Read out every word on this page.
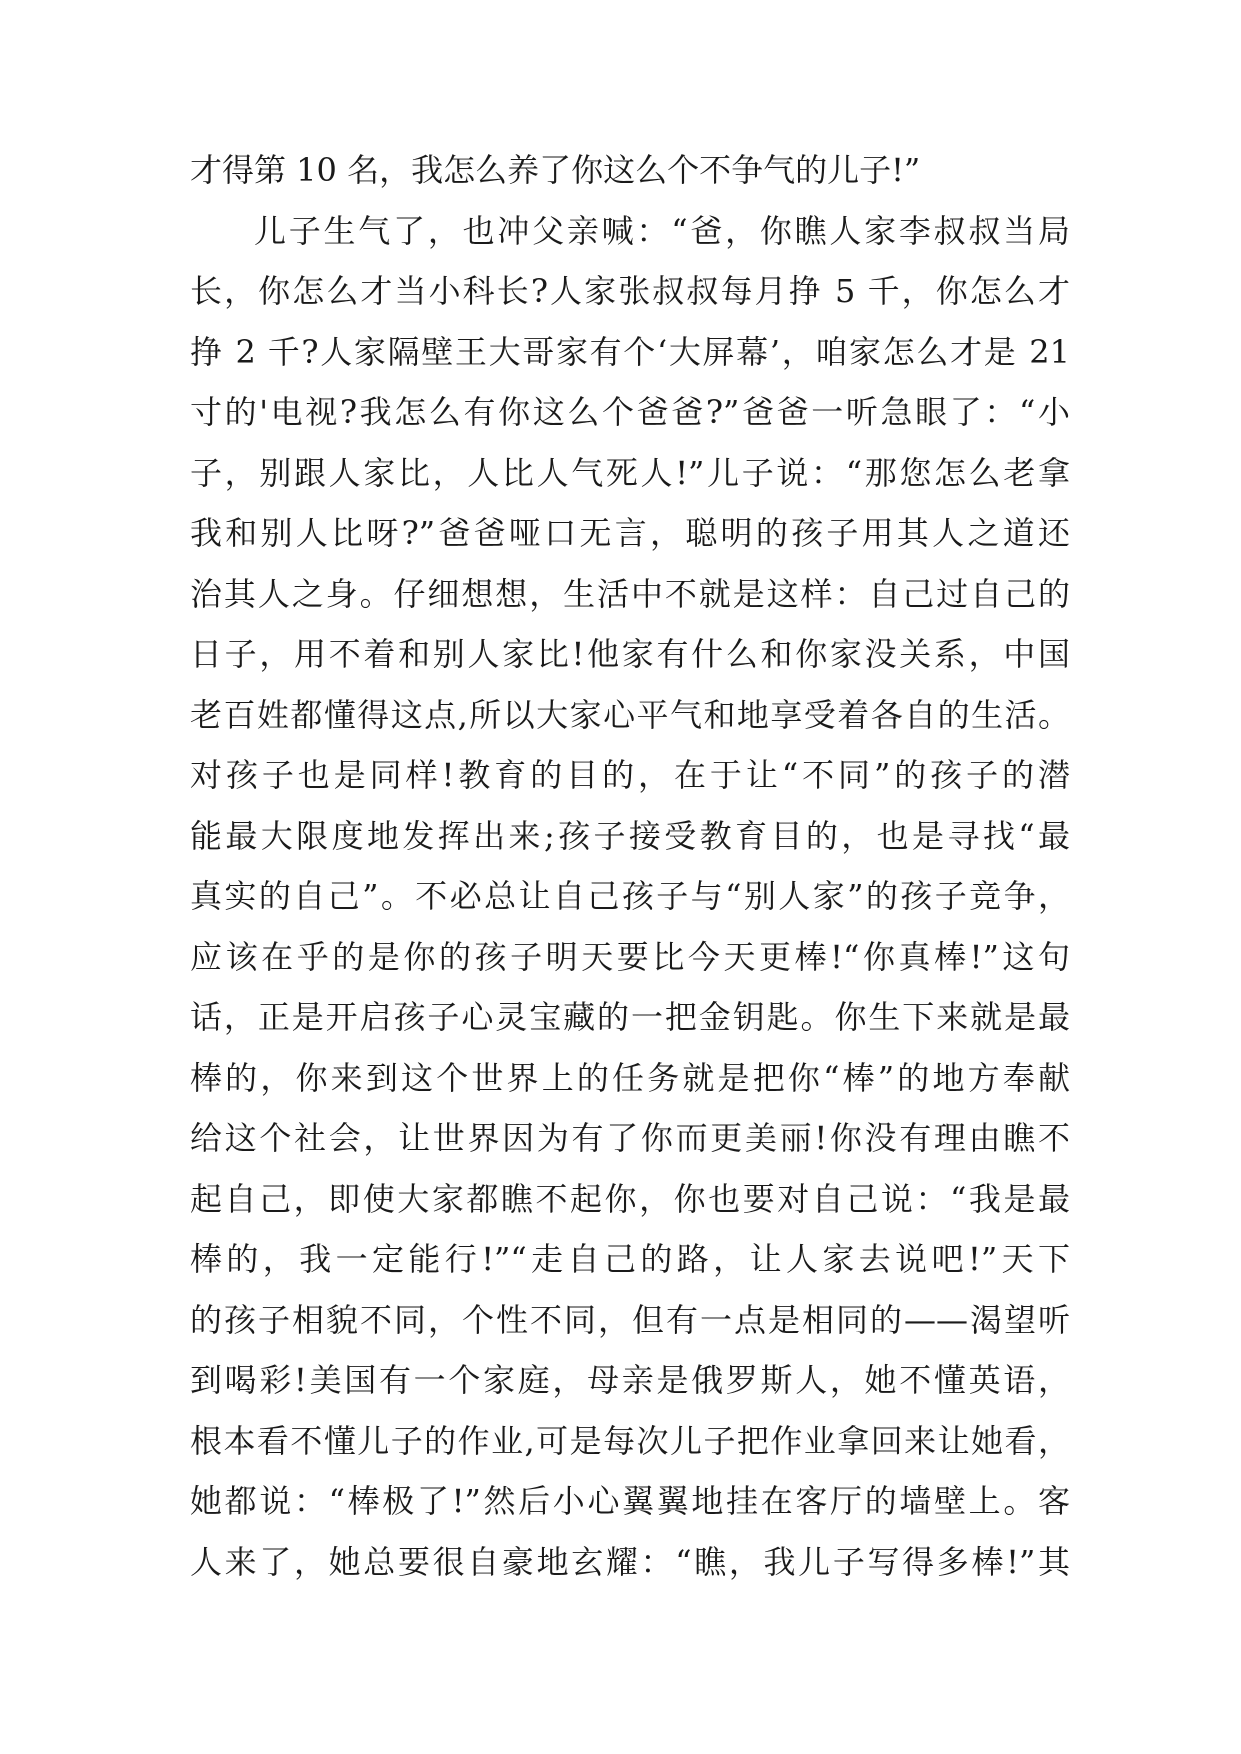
才得第 10 名，我怎么养了你这么个不争气的儿子!”
儿子生气了，也冲父亲喊：“爸，你瞧人家李叔叔当局
长，你怎么才当小科长?人家张叔叔每月挣 5 千，你怎么才
挣 2 千?人家隔壁王大哥家有个‘大屏幕’，咱家怎么才是 21
寸的'电视?我怎么有你这么个爸爸?”爸爸一听急眼了：“小
子，别跟人家比，人比人气死人!”儿子说：“那您怎么老拿
我和别人比呀?”爸爸哑口无言，聪明的孩子用其人之道还
治其人之身。仔细想想，生活中不就是这样：自己过自己的
日子，用不着和别人家比!他家有什么和你家没关系，中国
老百姓都懂得这点,所以大家心平气和地享受着各自的生活。
对孩子也是同样!教育的目的，在于让“不同”的孩子的潜
能最大限度地发挥出来;孩子接受教育目的，也是寻找“最
真实的自己”。不必总让自己孩子与“别人家”的孩子竞争，
应该在乎的是你的孩子明天要比今天更棒!“你真棒!”这句
话，正是开启孩子心灵宝藏的一把金钥匙。你生下来就是最
棒的，你来到这个世界上的任务就是把你“棒”的地方奉献
给这个社会，让世界因为有了你而更美丽!你没有理由瞧不
起自己，即使大家都瞧不起你，你也要对自己说：“我是最
棒的，我一定能行!”“走自己的路，让人家去说吧!”天下
的孩子相貌不同，个性不同，但有一点是相同的——渴望听
到喝彩!美国有一个家庭，母亲是俄罗斯人，她不懂英语，
根本看不懂儿子的作业,可是每次儿子把作业拿回来让她看，
她都说：“棒极了!”然后小心翼翼地挂在客厅的墙壁上。客
人来了，她总要很自豪地玄耀：“瞧，我儿子写得多棒!”其
